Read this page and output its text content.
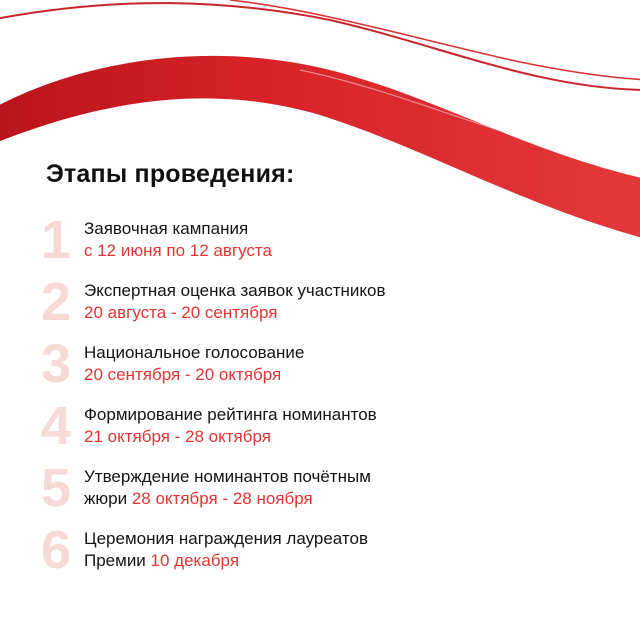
Этапы проведения:
1 Заявочная кампания
с 12 июня по 12 августа
2 Экспертная оценка заявок участников
20 августа - 20 сентября
3 Национальное голосование
20 сентября - 20 октября
4 Формирование рейтинга номинантов
21 октября - 28 октября
5 Утверждение номинантов почётным
жюри 28 октября - 28 ноября
6 Церемония награждения лауреатов
Премии 10 декабря
